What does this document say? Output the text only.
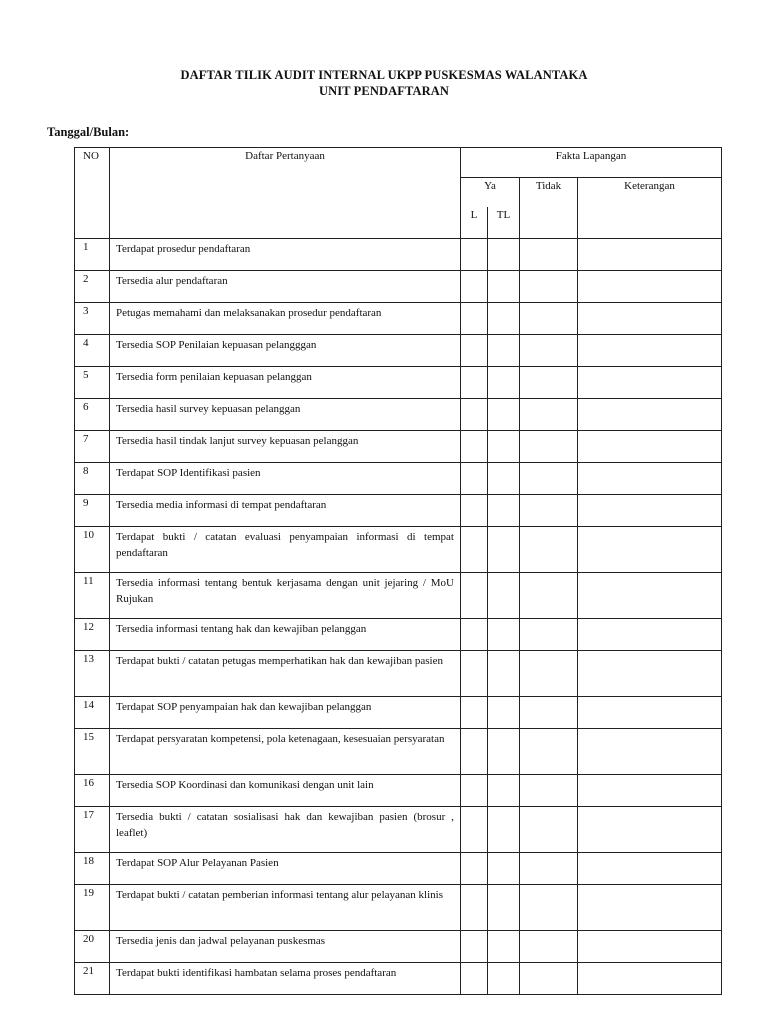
DAFTAR TILIK AUDIT INTERNAL UKPP PUSKESMAS WALANTAKA
UNIT PENDAFTARAN
Tanggal/Bulan:
NO	Daftar Pertanyaan	Fakta Lapangan			
		Ya		Tidak	Keterangan
		L	TL		
1	Terdapat prosedur pendaftaran				
2	Tersedia alur pendaftaran				
3	Petugas memahami dan melaksanakan prosedur pendaftaran				
4	Tersedia SOP Penilaian kepuasan pelangggan				
5	Tersedia form penilaian kepuasan pelanggan				
6	Tersedia hasil survey kepuasan pelanggan				
7	Tersedia hasil tindak lanjut survey kepuasan pelanggan				
8	Terdapat SOP Identifikasi pasien				
9	Tersedia media informasi di tempat pendaftaran				
10	Terdapat bukti / catatan evaluasi penyampaian informasi di tempat pendaftaran				
11	Tersedia informasi tentang bentuk kerjasama dengan unit jejaring / MoU Rujukan				
12	Tersedia informasi tentang hak dan kewajiban pelanggan				
13	Terdapat bukti / catatan petugas memperhatikan hak dan kewajiban pasien				
14	Terdapat SOP penyampaian hak dan kewajiban pelanggan				
15	Terdapat persyaratan kompetensi, pola ketenagaan, kesesuaian persyaratan				
16	Tersedia SOP Koordinasi dan komunikasi dengan unit lain				
17	Tersedia bukti / catatan sosialisasi hak dan kewajiban pasien (brosur , leaflet)				
18	Terdapat SOP Alur Pelayanan Pasien				
19	Terdapat bukti / catatan pemberian informasi tentang alur pelayanan klinis				
20	Tersedia jenis dan jadwal pelayanan puskesmas				
21	Terdapat bukti identifikasi hambatan selama proses pendaftaran				
